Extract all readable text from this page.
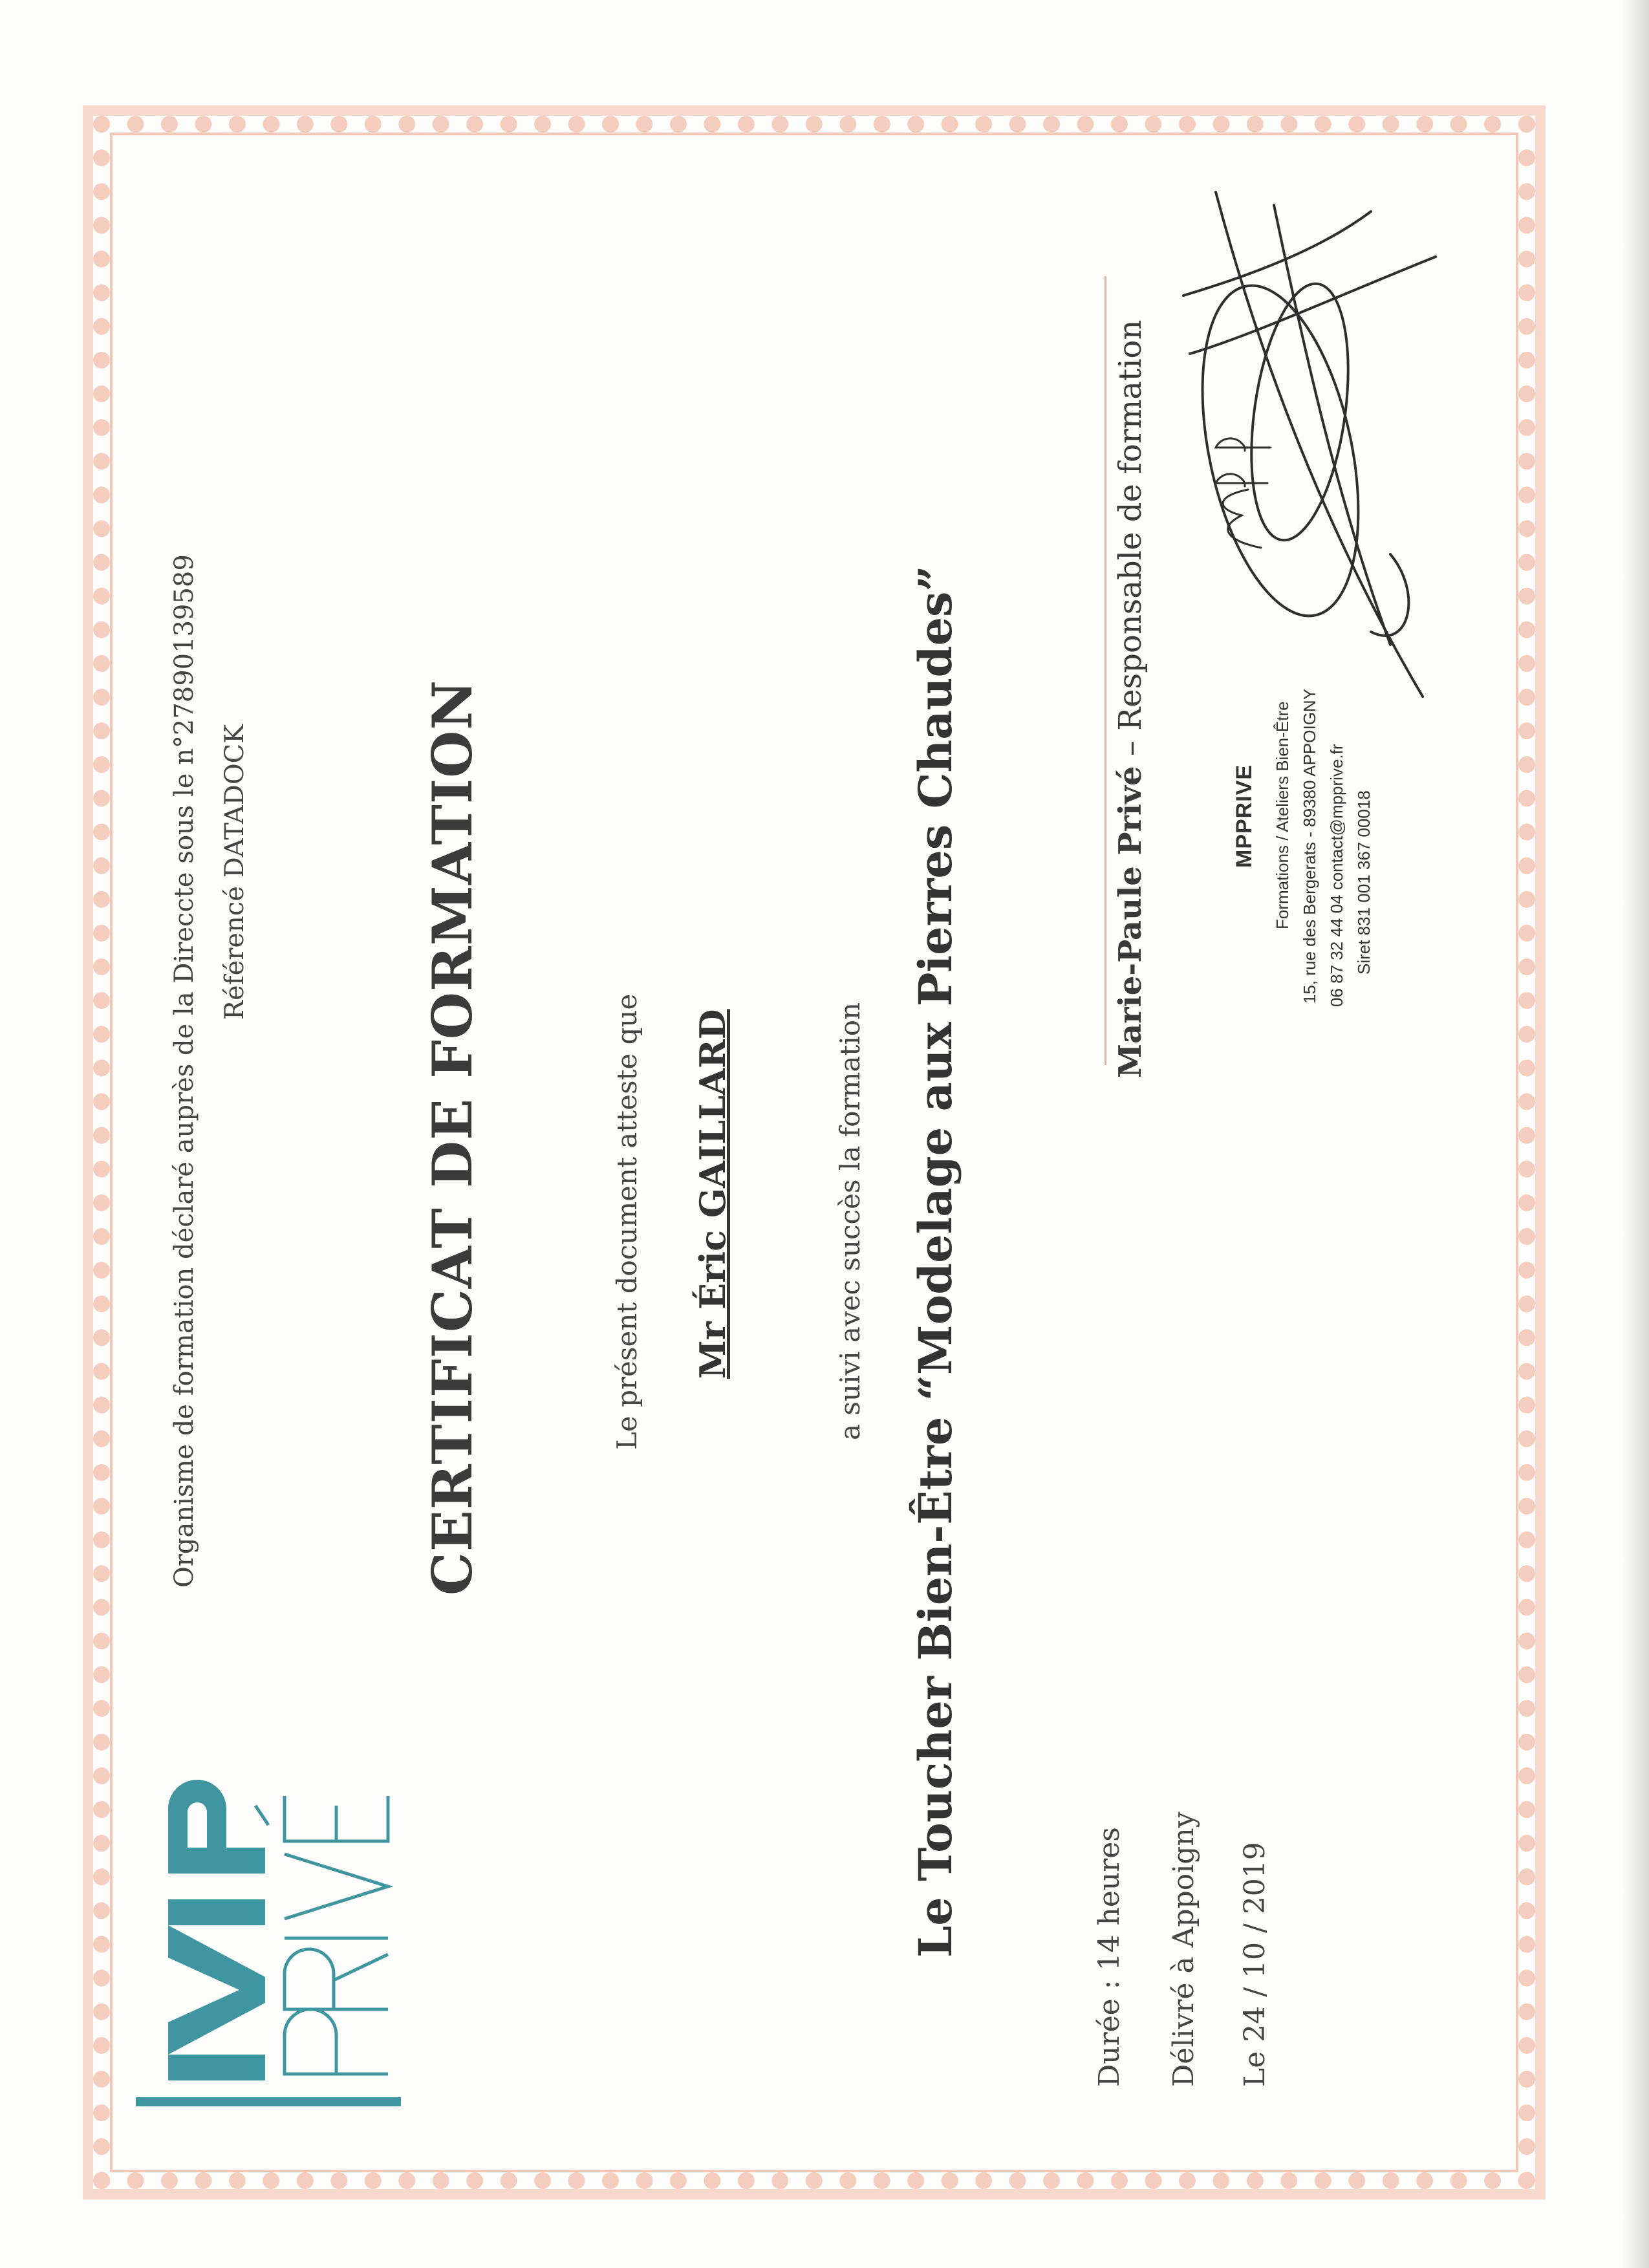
Organisme de formation déclaré auprès de la Direccte sous le n°27890139589 Référencé DATADOCK	CERTIFICAT DE FORMATION	Le présent document atteste que Mr Éric GAILLARD	a suivi avec succès la formation Le Toucher Bien-Être “Modelage aux Pierres Chaudes”	Durée : 14 heures Délivré à Appoigny Le 24 / 10 / 2019
Marie-Paule Privé – Responsable de formation
MPPRIVE Formations / Ateliers Bien-Être 15, rue des Bergerats - 89380 APPOIGNY 06 87 32 44 04 contact@mpprive.fr Siret 831 001 367 00018
